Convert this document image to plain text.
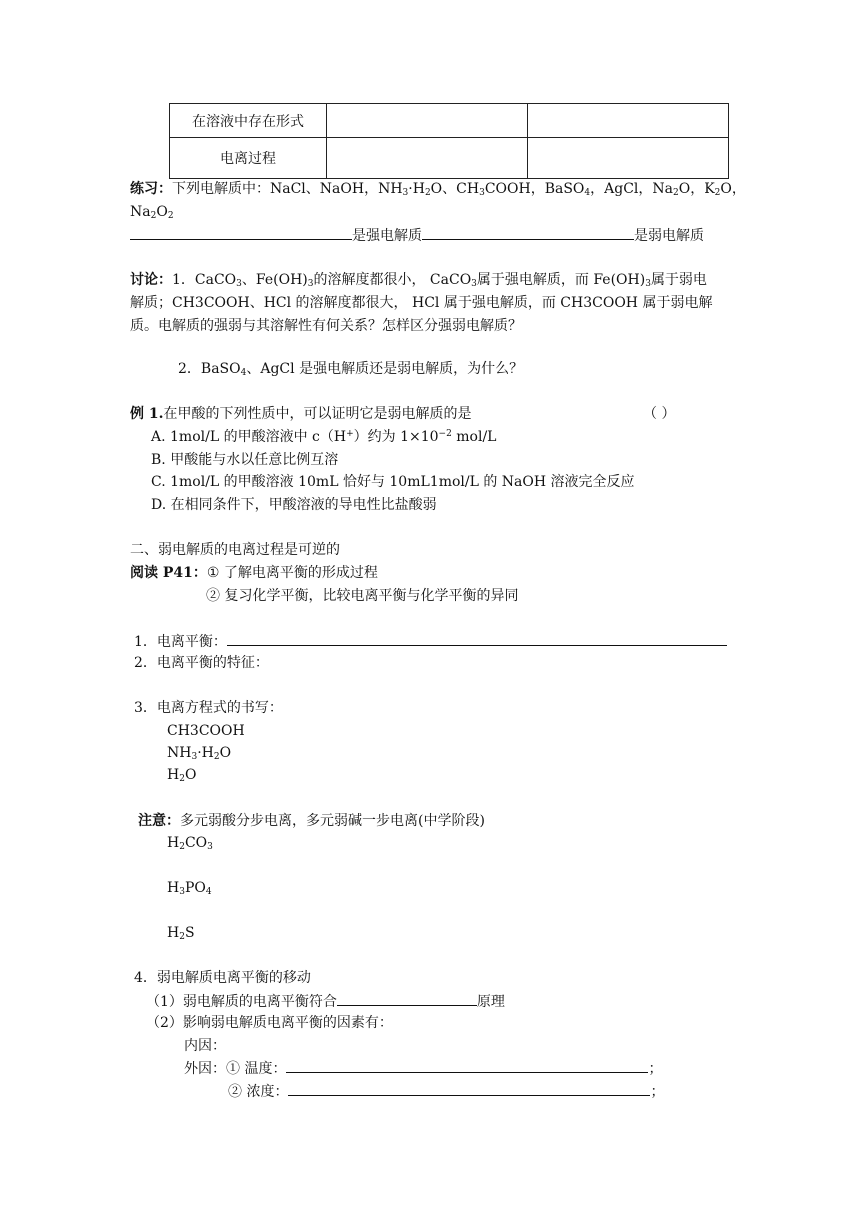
在溶液中存在形式		
电离过程		
练习：下列电解质中：NaCl、NaOH，$NH_3\cdot H_2O$、$CH_3COOH$，BaSO$_4$，AgCl，$Na_2O$，$K_2O$，
$Na_2O_2$
是强电解质	是弱电解质
讨论：1．CaCO$_3$、$Fe(OH)_3$的溶解度都很小， CaCO$_3$属于强电解质，而 $Fe(OH)_3$属于弱电
解质；CH3COOH、HCl 的溶解度都很大， HCl 属于强电解质，而 CH3COOH 属于弱电解
质。电解质的强弱与其溶解性有何关系？怎样区分强弱电解质？
2．BaSO$_4$、AgCl 是强电解质还是弱电解质，为什么？
例 1.在甲酸的下列性质中，可以证明它是弱电解质的是	（ ）
A. 1mol/L 的甲酸溶液中 c（H+）约为 $1\times 10^{-2}$ mol/L
B. 甲酸能与水以任意比例互溶
C. 1mol/L 的甲酸溶液 10mL 恰好与 10mL1mol/L 的 NaOH 溶液完全反应
D. 在相同条件下，甲酸溶液的导电性比盐酸弱
二、弱电解质的电离过程是可逆的
阅读 P41：① 了解电离平衡的形成过程
② 复习化学平衡，比较电离平衡与化学平衡的异同
1．电离平衡：
2．电离平衡的特征：
3．电离方程式的书写：
CH3COOH
$NH_3\cdot H_2O$
$H_2O$
注意：多元弱酸分步电离，多元弱碱一步电离(中学阶段)
$H_2CO_3$
$H_3PO_4$
$H_2S$
4．弱电解质电离平衡的移动
（1）弱电解质的电离平衡符合	原理
（2）影响弱电解质电离平衡的因素有：
内因：
外因：① 温度：	；
② 浓度：	；
